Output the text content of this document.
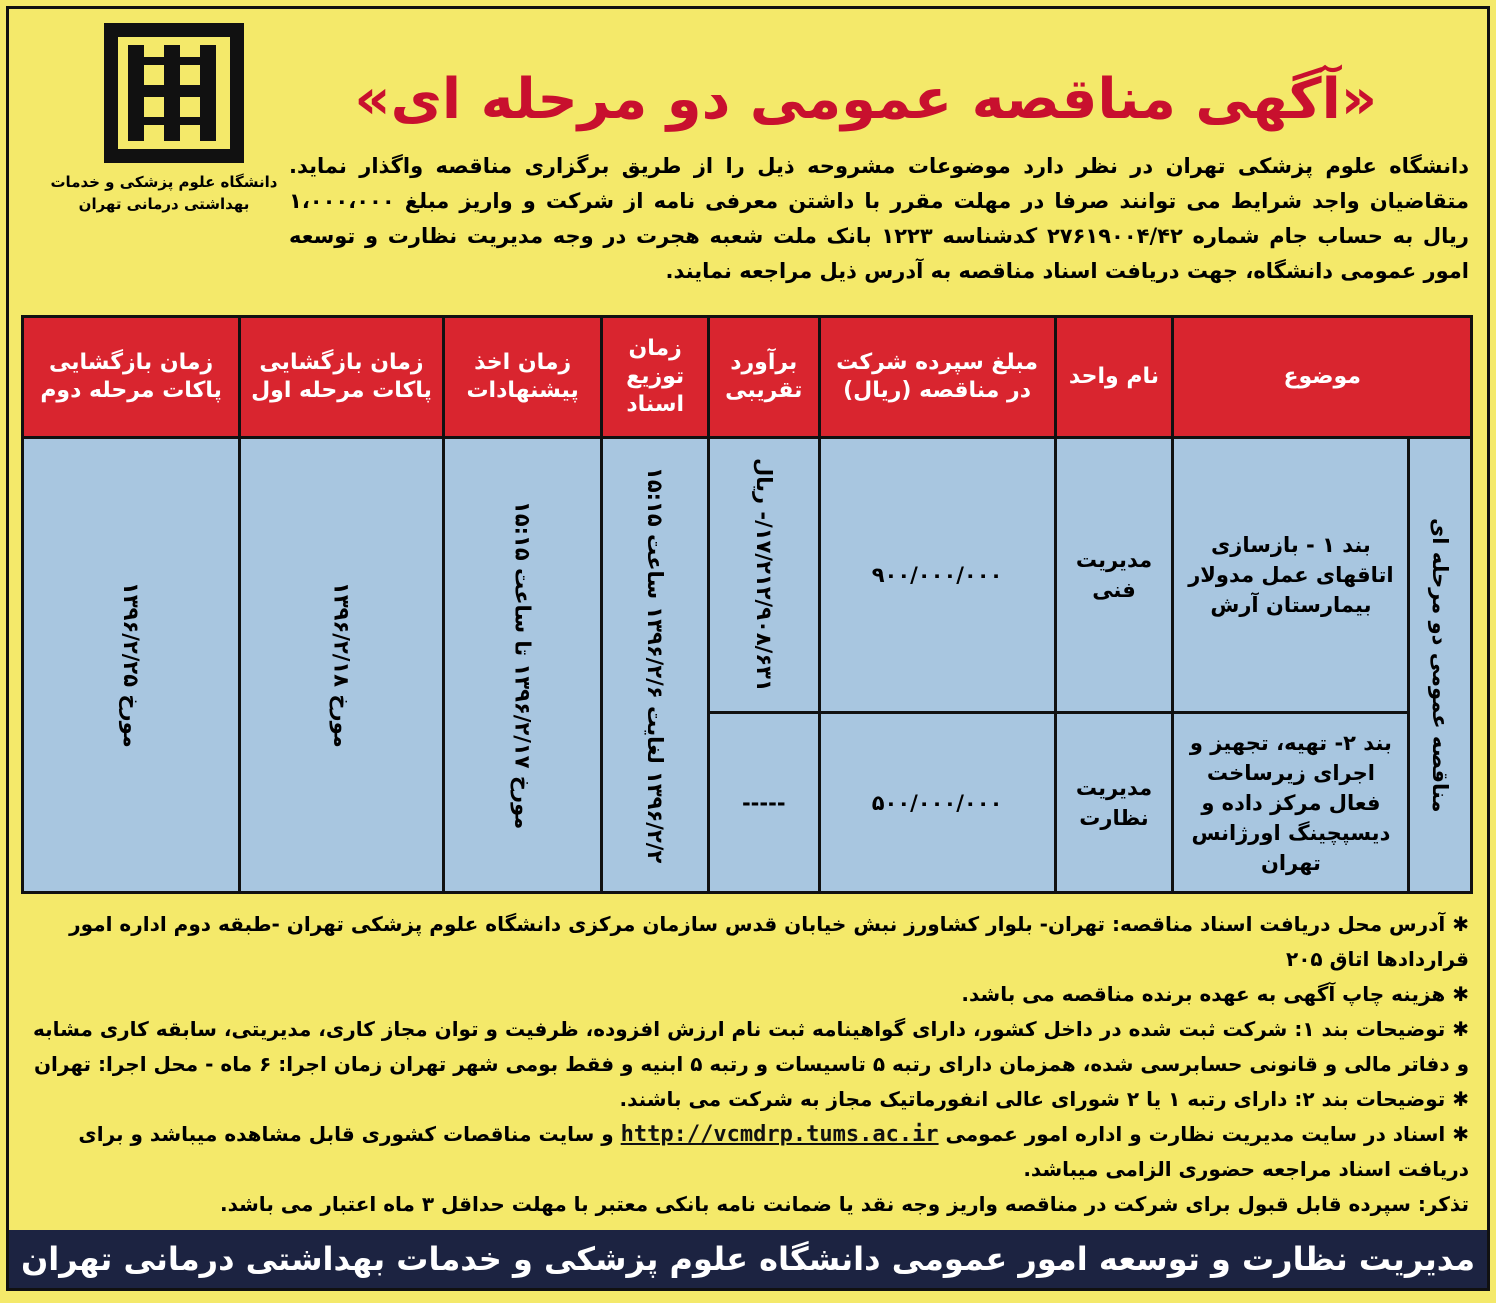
دانشگاه علوم پزشکی و خدمات
بهداشتی درمانی تهران
«آگهی مناقصه عمومی دو مرحله ای»
دانشگاه علوم پزشکی تهران در نظر دارد موضوعات مشروحه ذیل را از طریق برگزاری مناقصه واگذار نماید. متقاضیان واجد شرایط می توانند صرفا در مهلت مقرر با داشتن معرفی نامه از شرکت و واریز مبلغ ۱،۰۰۰،۰۰۰ ریال به حساب جام شماره ۲۷۶۱۹۰۰۴/۴۲ کدشناسه ۱۲۲۳ بانک ملت شعبه هجرت در وجه مدیریت نظارت و توسعه امور عمومی دانشگاه، جهت دریافت اسناد مناقصه به آدرس ذیل مراجعه نمایند.
موضوع		نام واحد	مبلغ سپرده شرکت در مناقصه (ریال)	برآورد تقریبی	زمان توزیع اسناد	زمان اخذ پیشنهادات	زمان بازگشایی پاکات مرحله اول	زمان بازگشایی پاکات مرحله دوم

مناقصه عمومی دو مرحله ای	بند ۱ - بازسازی اتاقهای عمل مدولار بیمارستان آرش	مدیریت فنی	۹۰۰/۰۰۰/۰۰۰	۱۷/۲۱۲/۹۰۸/۶۳۱/- ریال	۱۳۹۶/۲/۲ لغایت ۱۳۹۶/۲/۶ ساعت ۱۵:۱۵	مورخ ۱۳۹۶/۲/۱۷ تا ساعت ۱۵:۱۵	مورخ ۱۳۹۶/۲/۱۸	مورخ ۱۳۹۶/۲/۲۵

	بند ۲- تهیه، تجهیز و اجرای زیرساخت فعال مرکز داده و دیسپچینگ اورژانس تهران	مدیریت نظارت	۵۰۰/۰۰۰/۰۰۰	-----				

✱ آدرس محل دریافت اسناد مناقصه: تهران- بلوار کشاورز نبش خیابان قدس سازمان مرکزی دانشگاه علوم پزشکی تهران -طبقه دوم اداره امور قراردادها اتاق ۲۰۵

✱ هزینه چاپ آگهی به عهده برنده مناقصه می باشد.

✱ توضیحات بند ۱: شرکت ثبت شده در داخل کشور، دارای گواهینامه ثبت نام ارزش افزوده، ظرفیت و توان مجاز کاری، مدیریتی، سابقه کاری مشابه و دفاتر مالی و قانونی حسابرسی شده، همزمان دارای رتبه ۵ تاسیسات و رتبه ۵ ابنیه و فقط بومی شهر تهران زمان اجرا: ۶ ماه - محل اجرا: تهران

✱ توضیحات بند ۲: دارای رتبه ۱ یا ۲ شورای عالی انفورماتیک مجاز به شرکت می باشند.

✱ اسناد در سایت مدیریت نظارت و اداره امور عمومی http://vcmdrp.tums.ac.ir و سایت مناقصات کشوری قابل مشاهده میباشد و برای دریافت اسناد مراجعه حضوری الزامی میباشد.

تذکر: سپرده قابل قبول برای شرکت در مناقصه واریز وجه نقد یا ضمانت نامه بانکی معتبر با مهلت حداقل ۳ ماه اعتبار می باشد.

مدیریت نظارت و توسعه امور عمومی دانشگاه علوم پزشکی و خدمات بهداشتی درمانی تهران
